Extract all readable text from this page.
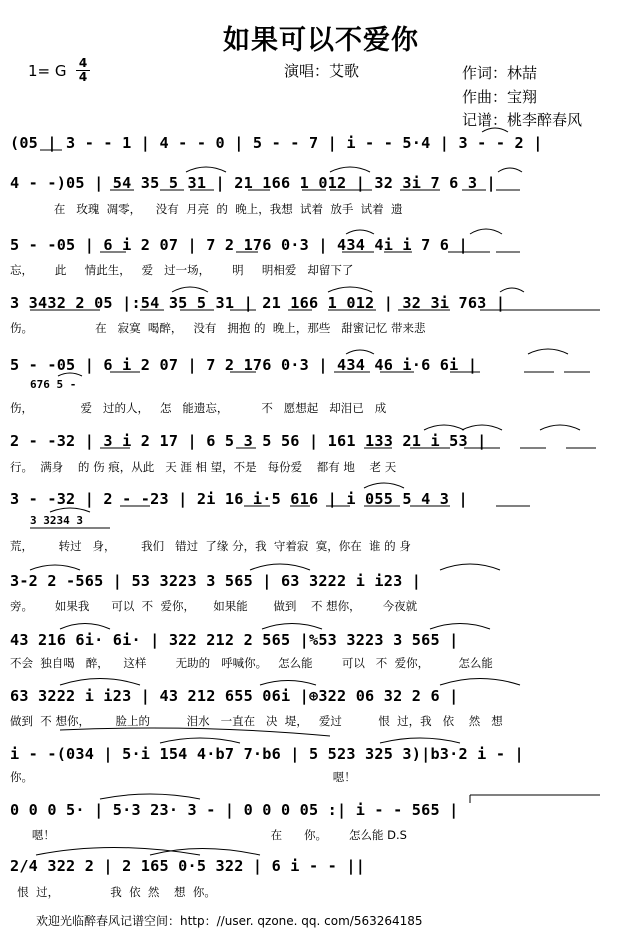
如果可以不爱你
1= G 4
4	演唱：艾歌	作词：林喆
作曲：宝翔
记谱：桃李醉春风
(05 | 3 - - 1 | 4 - - 0 | 5 - - 7 | i - - 5·4 | 3 - - 2 |
4 - -)05 | 54 35 5 31 | 21 166 1 012 | 32 3i 7 6 3 |
在   玫瑰  凋零，    没有  月亮  的  晚上，我想  试着  放手  试着  遗
5 - -05 | 6 i 2 07 | 7 2 176 0·3 | 434 4i i 7 6 |
忘，      此     情此生，   爱   过一场，      明     明相爱   却留下了
3 3432 2 05 |:54 35 5 31 | 21 166 1 012 | 32 3i 763 |
伤。                 在   寂寞  喝醉，   没有   拥抱 的  晚上，那些   甜蜜记忆 带来悲
5 - -05 | 6 i 2 07 | 7 2 176 0·3 | 434 46 i·6 6i |
676 5 -
伤，             爱   过的人，   怎   能遗忘，         不   愿想起   却泪已   成
2 - -32 | 3 i 2 17 | 6 5 3 5 56 | 161 133 21 i 53 |
行。  满身    的 伤 痕，从此   天 涯 相 望，不是   每份爱    都有 地    老 天
3 - -32 | 2 - -23 | 2i 16 i·5 616 | i 055 5 4 3 |
3 3234 3
3-2 2 -565 | 53 3223 3 565 | 63 3222 i i23 |
荒，       转过   身，       我们   错过  了缘 分，我  守着寂  寞，你在  谁 的 身
43 216 6i· 6i· | 322 212 2 565 |%53 3223 3 565 |
旁。      如果我      可以  不  爱你，     如果能       做到    不 想你，      今夜就
63 3222 i i23 | 43 212 655 06i |⊕322 06 32 2 6 |
不会  独自喝   醉，    这样        无助的   呼喊你。   怎么能        可以   不  爱你，        怎么能
i - -(034 | 5·i 154 4·b7 7·b6 | 5 523 325 3)|b3·2 i - |
做到  不 想你，       脸上的          泪水   一直在   决  堤，   爱过          恨  过，我   依    然   想
0 0 0 5· | 5·3 23· 3 - | 0 0 0 05 :| i - - 565 |
你。                                                                                  嗯！
2/4 322 2 | 2 165 0·5 322 | 6 i - - ||
嗯！                                                           在      你。      怎么能 D.S
恨  过，              我  依  然    想  你。
欢迎光临醉春风记谱空间：http：//user. qzone. qq. com/563264185
